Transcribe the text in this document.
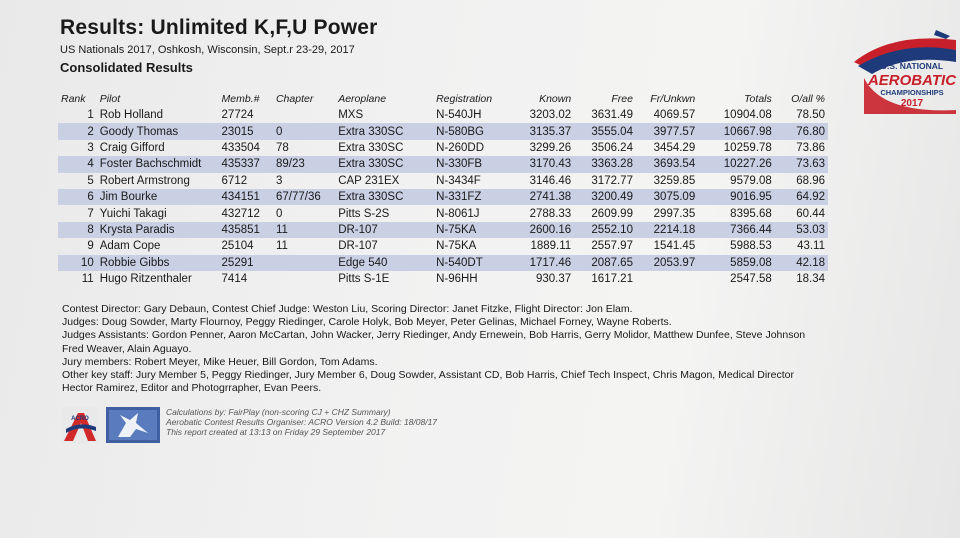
Results: Unlimited K,F,U Power
US Nationals 2017, Oshkosh, Wisconsin, Sept.r 23-29, 2017
Consolidated Results	U.S. NATIONAL
AEROBATIC
CHAMPIONSHIPS
2017
Rank	Pilot	Memb.#	Chapter	Aeroplane	Registration	Known	Free	Fr/Unkwn	Totals	O/all %
1	Rob Holland	27724		MXS	N-540JH	3203.02	3631.49	4069.57	10904.08	78.50
2	Goody Thomas	23015	0	Extra 330SC	N-580BG	3135.37	3555.04	3977.57	10667.98	76.80
3	Craig Gifford	433504	78	Extra 330SC	N-260DD	3299.26	3506.24	3454.29	10259.78	73.86
4	Foster Bachschmidt	435337	89/23	Extra 330SC	N-330FB	3170.43	3363.28	3693.54	10227.26	73.63
5	Robert Armstrong	6712	3	CAP 231EX	N-3434F	3146.46	3172.77	3259.85	9579.08	68.96
6	Jim Bourke	434151	67/77/36	Extra 330SC	N-331FZ	2741.38	3200.49	3075.09	9016.95	64.92
7	Yuichi Takagi	432712	0	Pitts S-2S	N-8061J	2788.33	2609.99	2997.35	8395.68	60.44
8	Krysta Paradis	435851	11	DR-107	N-75KA	2600.16	2552.10	2214.18	7366.44	53.03
9	Adam Cope	25104	11	DR-107	N-75KA	1889.11	2557.97	1541.45	5988.53	43.11
10	Robbie Gibbs	25291		Edge 540	N-540DT	1717.46	2087.65	2053.97	5859.08	42.18
11	Hugo Ritzenthaler	7414		Pitts S-1E	N-96HH	930.37	1617.21		2547.58	18.34
Contest Director: Gary Debaun, Contest Chief Judge: Weston Liu, Scoring Director: Janet Fitzke, Flight Director: Jon Elam.
Judges: Doug Sowder, Marty Flournoy, Peggy Riedinger, Carole Holyk, Bob Meyer, Peter Gelinas, Michael Forney, Wayne Roberts.
Judges Assistants: Gordon Penner, Aaron McCartan, John Wacker, Jerry Riedinger, Andy Ernewein, Bob Harris, Gerry Molidor, Matthew Dunfee, Steve Johnson
Fred Weaver, Alain Aguayo.
Jury members: Robert Meyer, Mike Heuer, Bill Gordon, Tom Adams.
Other key staff: Jury Member 5, Peggy Riedinger, Jury Member 6, Doug Sowder, Assistant CD, Bob Harris, Chief Tech Inspect, Chris Magon, Medical Director
Hector Ramirez, Editor and Photogrrapher, Evan Peers.
ACRO
Calculations by: FairPlay (non-scoring CJ + CHZ Summary)
Aerobatic Contest Results Organiser: ACRO Version 4.2 Build: 18/08/17
This report created at 13:13 on Friday 29 September 2017
